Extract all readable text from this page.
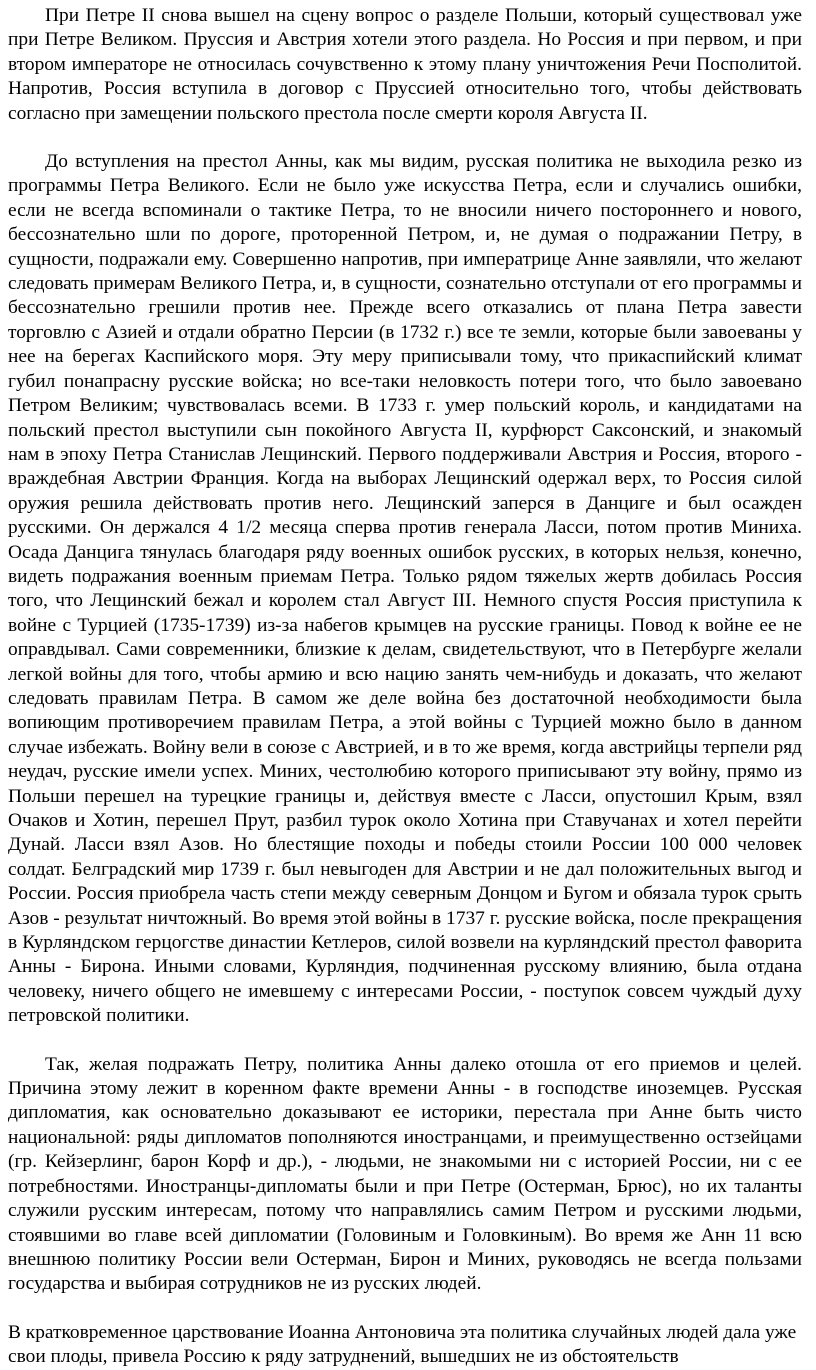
При Петре II снова вышел на сцену вопрос о разделе Польши, который существовал уже при Петре Великом. Пруссия и Австрия хотели этого раздела. Но Россия и при первом, и при втором императоре не относилась сочувственно к этому плану уничтожения Речи Посполитой. Напротив, Россия вступила в договор с Пруссией относительно того, чтобы действовать согласно при замещении польского престола после смерти короля Августа II.

До вступления на престол Анны, как мы видим, русская политика не выходила резко из программы Петра Великого. Если не было уже искусства Петра, если и случались ошибки, если не всегда вспоминали о тактике Петра, то не вносили ничего постороннего и нового, бессознательно шли по дороге, проторенной Петром, и, не думая о подражании Петру, в сущности, подражали ему. Совершенно напротив, при императрице Анне заявляли, что желают следовать примерам Великого Петра, и, в сущности, сознательно отступали от его программы и бессознательно грешили против нее. Прежде всего отказались от плана Петра завести торговлю с Азией и отдали обратно Персии (в 1732 г.) все те земли, которые были завоеваны у нее на берегах Каспийского моря. Эту меру приписывали тому, что прикаспийский климат губил понапрасну русские войска; но все-таки неловкость потери того, что было завоевано Петром Великим; чувствовалась всеми. В 1733 г. умер польский король, и кандидатами на польский престол выступили сын покойного Августа II, курфюрст Саксонский, и знакомый нам в эпоху Петра Станислав Лещинский. Первого поддерживали Австрия и Россия, второго - враждебная Австрии Франция. Когда на выборах Лещинский одержал верх, то Россия силой оружия решила действовать против него. Лещинский заперся в Данциге и был осажден русскими. Он держался 4 1/2 месяца сперва против генерала Ласси, потом против Миниха. Осада Данцига тянулась благодаря ряду военных ошибок русских, в которых нельзя, конечно, видеть подражания военным приемам Петра. Только рядом тяжелых жертв добилась Россия того, что Лещинский бежал и королем стал Август III. Немного спустя Россия приступила к войне с Турцией (1735-1739) из-за набегов крымцев на русские границы. Повод к войне ее не оправдывал. Сами современники, близкие к делам, свидетельствуют, что в Петербурге желали легкой войны для того, чтобы армию и всю нацию занять чем-нибудь и доказать, что желают следовать правилам Петра. В самом же деле война без достаточной необходимости была вопиющим противоречием правилам Петра, а этой войны с Турцией можно было в данном случае избежать. Войну вели в союзе с Австрией, и в то же время, когда австрийцы терпели ряд неудач, русские имели успех. Миних, честолюбию которого приписывают эту войну, прямо из Польши перешел на турецкие границы и, действуя вместе с Ласси, опустошил Крым, взял Очаков и Хотин, перешел Прут, разбил турок около Хотина при Ставучанах и хотел перейти Дунай. Ласси взял Азов. Но блестящие походы и победы стоили России 100 000 человек солдат. Белградский мир 1739 г. был невыгоден для Австрии и не дал положительных выгод и России. Россия приобрела часть степи между северным Донцом и Бугом и обязала турок срыть Азов - результат ничтожный. Во время этой войны в 1737 г. русские войска, после прекращения в Курляндском герцогстве династии Кетлеров, силой возвели на курляндский престол фаворита Анны - Бирона. Иными словами, Курляндия, подчиненная русскому влиянию, была отдана человеку, ничего общего не имевшему с интересами России, - поступок совсем чуждый духу петровской политики.

Так, желая подражать Петру, политика Анны далеко отошла от его приемов и целей. Причина этому лежит в коренном факте времени Анны - в господстве иноземцев. Русская дипломатия, как основательно доказывают ее историки, перестала при Анне быть чисто национальной: ряды дипломатов пополняются иностранцами, и преимущественно остзейцами (гр. Кейзерлинг, барон Корф и др.), - людьми, не знакомыми ни с историей России, ни с ее потребностями. Иностранцы-дипломаты были и при Петре (Остерман, Брюс), но их таланты служили русским интересам, потому что направлялись самим Петром и русскими людьми, стоявшими во главе всей дипломатии (Головиным и Головкиным). Во время же Анн 11 всю внешнюю политику России вели Остерман, Бирон и Миних, руководясь не всегда пользами государства и выбирая сотрудников не из русских людей.

В кратковременное царствование Иоанна Антоновича эта политика случайных людей дала уже свои плоды, привела Россию к ряду затруднений, вышедших не из обстоятельств
